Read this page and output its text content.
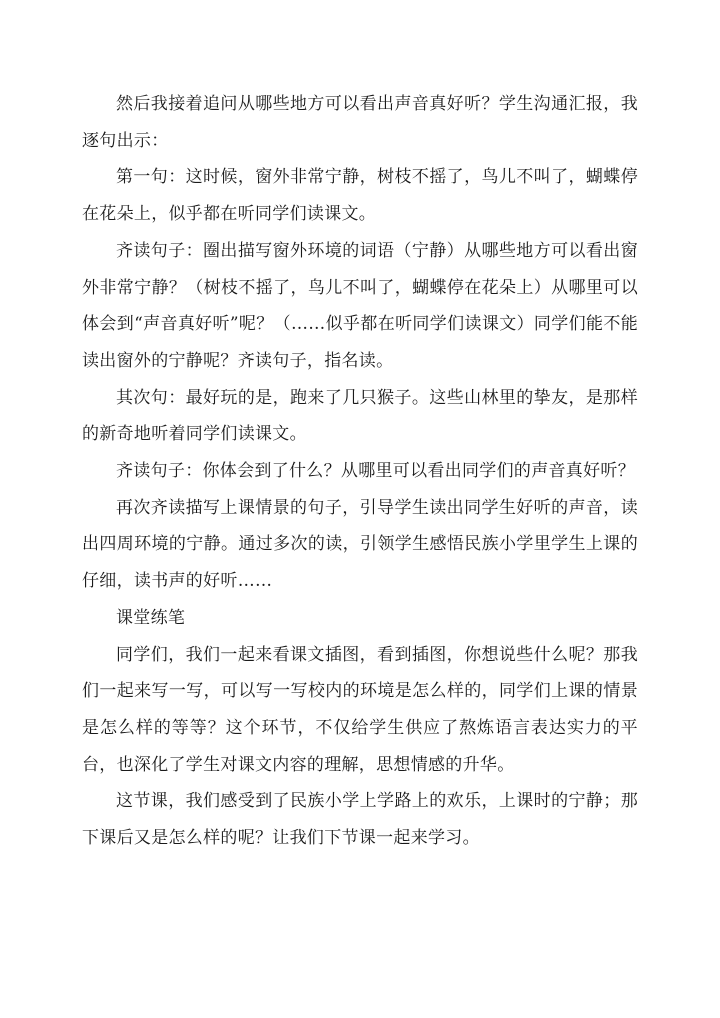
然后我接着追问从哪些地方可以看出声音真好听？学生沟通汇报，我逐句出示：

第一句：这时候，窗外非常宁静，树枝不摇了，鸟儿不叫了，蝴蝶停在花朵上，似乎都在听同学们读课文。

齐读句子：圈出描写窗外环境的词语（宁静）从哪些地方可以看出窗外非常宁静？（树枝不摇了，鸟儿不叫了，蝴蝶停在花朵上）从哪里可以体会到“声音真好听”呢？（……似乎都在听同学们读课文）同学们能不能读出窗外的宁静呢？齐读句子，指名读。

其次句：最好玩的是，跑来了几只猴子。这些山林里的挚友，是那样的新奇地听着同学们读课文。

齐读句子：你体会到了什么？从哪里可以看出同学们的声音真好听？

再次齐读描写上课情景的句子，引导学生读出同学生好听的声音，读出四周环境的宁静。通过多次的读，引领学生感悟民族小学里学生上课的仔细，读书声的好听……

课堂练笔

同学们，我们一起来看课文插图，看到插图，你想说些什么呢？那我们一起来写一写，可以写一写校内的环境是怎么样的，同学们上课的情景是怎么样的等等？这个环节，不仅给学生供应了熬炼语言表达实力的平台，也深化了学生对课文内容的理解，思想情感的升华。

这节课，我们感受到了民族小学上学路上的欢乐，上课时的宁静；那下课后又是怎么样的呢？让我们下节课一起来学习。
